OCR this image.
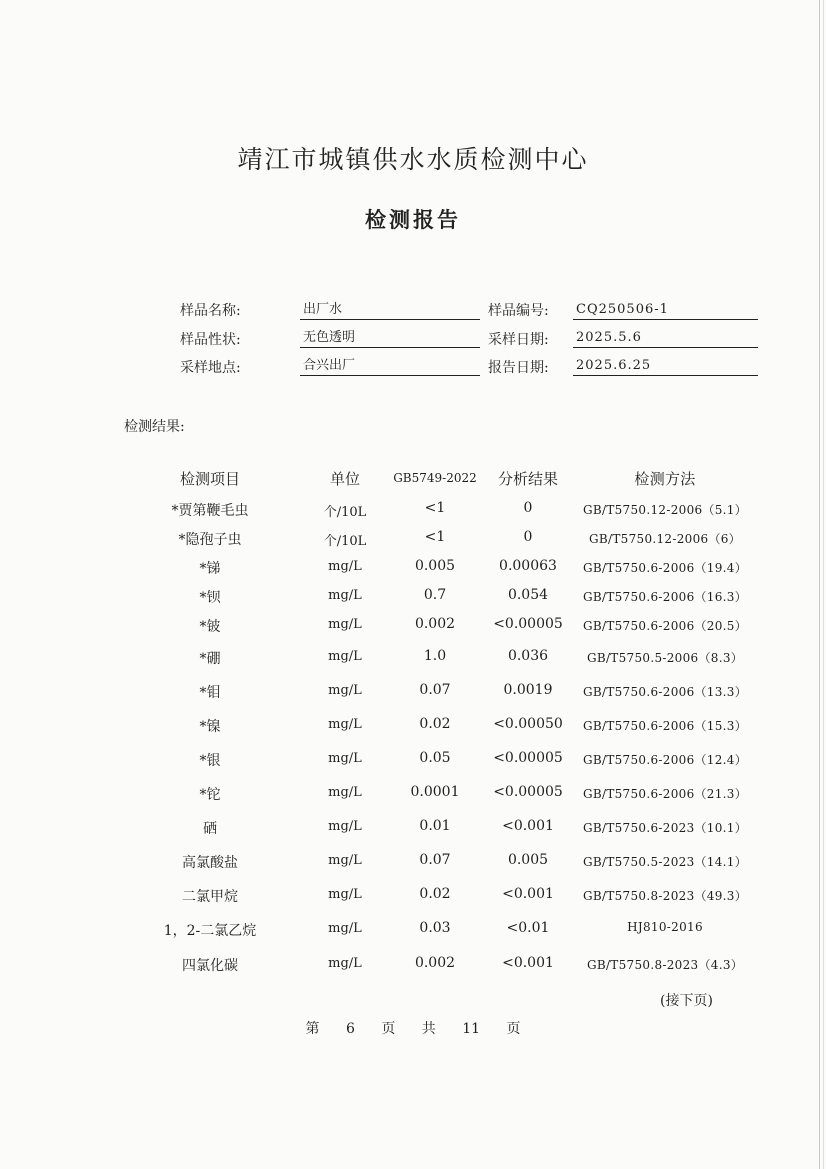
靖江市城镇供水水质检测中心
检测报告
样品名称:	出厂水	样品编号:	CQ250506-1
样品性状:	无色透明	采样日期:	2025.5.6
采样地点:	合兴出厂	报告日期:	2025.6.25
检测结果:
检测项目	单位	GB5749-2022	分析结果	检测方法
*贾第鞭毛虫	个/10L	<1	0	GB/T5750.12-2006（5.1）
*隐孢子虫	个/10L	<1	0	GB/T5750.12-2006（6）
*锑	mg/L	0.005	0.00063	GB/T5750.6-2006（19.4）
*钡	mg/L	0.7	0.054	GB/T5750.6-2006（16.3）
*铍	mg/L	0.002	<0.00005	GB/T5750.6-2006（20.5）
*硼	mg/L	1.0	0.036	GB/T5750.5-2006（8.3）
*钼	mg/L	0.07	0.0019	GB/T5750.6-2006（13.3）
*镍	mg/L	0.02	<0.00050	GB/T5750.6-2006（15.3）
*银	mg/L	0.05	<0.00005	GB/T5750.6-2006（12.4）
*铊	mg/L	0.0001	<0.00005	GB/T5750.6-2006（21.3）
硒	mg/L	0.01	<0.001	GB/T5750.6-2023（10.1）
高氯酸盐	mg/L	0.07	0.005	GB/T5750.5-2023（14.1）
二氯甲烷	mg/L	0.02	<0.001	GB/T5750.8-2023（49.3）
1，2-二氯乙烷	mg/L	0.03	<0.01	HJ810-2016
四氯化碳	mg/L	0.002	<0.001	GB/T5750.8-2023（4.3）
(接下页)
第 6 页 共 11 页
